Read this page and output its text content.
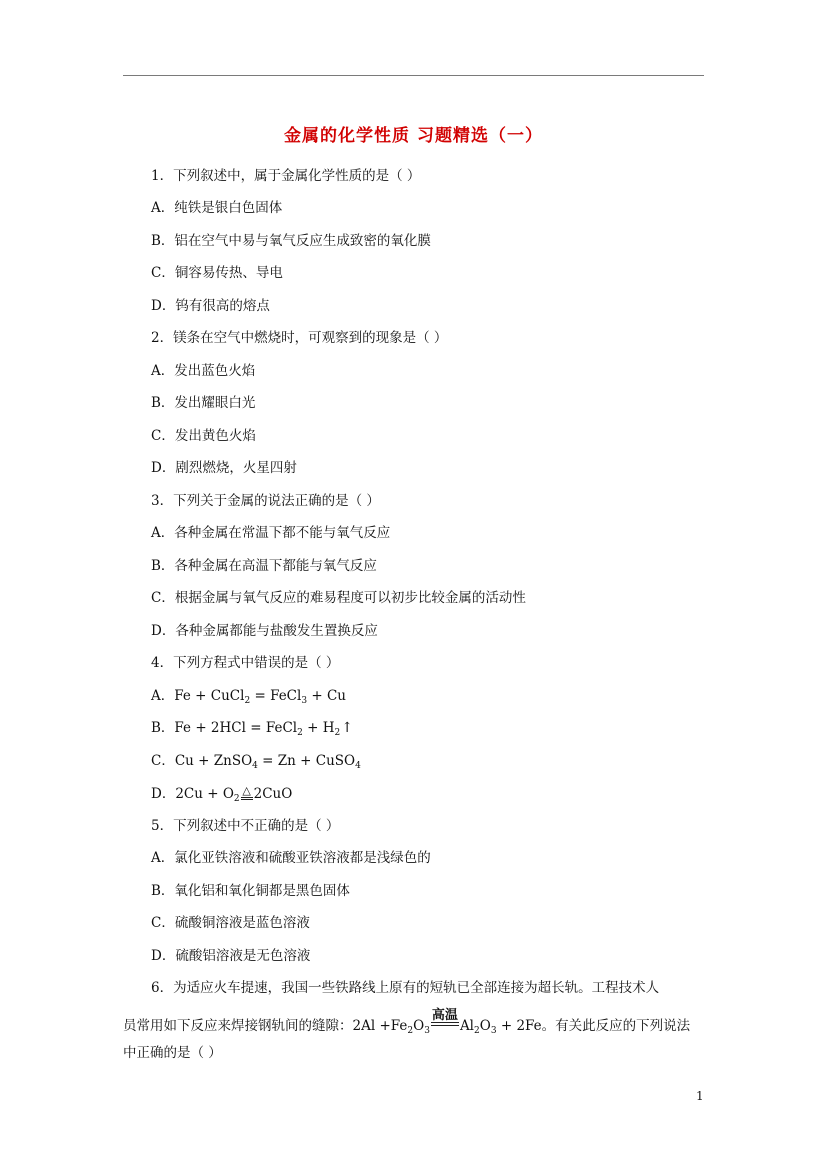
金属的化学性质 习题精选（一）
1．下列叙述中，属于金属化学性质的是（ ）
A．纯铁是银白色固体
B．铝在空气中易与氧气反应生成致密的氧化膜
C．铜容易传热、导电
D．钨有很高的熔点
2．镁条在空气中燃烧时，可观察到的现象是（ ）
A．发出蓝色火焰
B．发出耀眼白光
C．发出黄色火焰
D．剧烈燃烧，火星四射
3．下列关于金属的说法正确的是（ ）
A．各种金属在常温下都不能与氧气反应
B．各种金属在高温下都能与氧气反应
C．根据金属与氧气反应的难易程度可以初步比较金属的活动性
D．各种金属都能与盐酸发生置换反应
4．下列方程式中错误的是（ ）
A．Fe + CuCl$_2$ = FeCl$_3$ + Cu
B．Fe + 2HCl = FeCl$_2$ + $H_2↑$
C．Cu + ZnSO$_4$ = Zn + CuSO$_4$
D．$2Cu + O_2^\triangle$ 2CuO
5．下列叙述中不正确的是（ ）
A．氯化亚铁溶液和硫酸亚铁溶液都是浅绿色的
B．氧化铝和氧化铜都是黑色固体
C．硫酸铜溶液是蓝色溶液
D．硫酸铝溶液是无色溶液
6．为适应火车提速，我国一些铁路线上原有的短轨已全部连接为超长轨。工程技术人
员常用如下反应来焊接钢轨间的缝隙：$2Al +Fe_2O_3$
高温
$Al_2O_3 + 2Fe$。有关此反应的下列说法
中正确的是（ ）
1
